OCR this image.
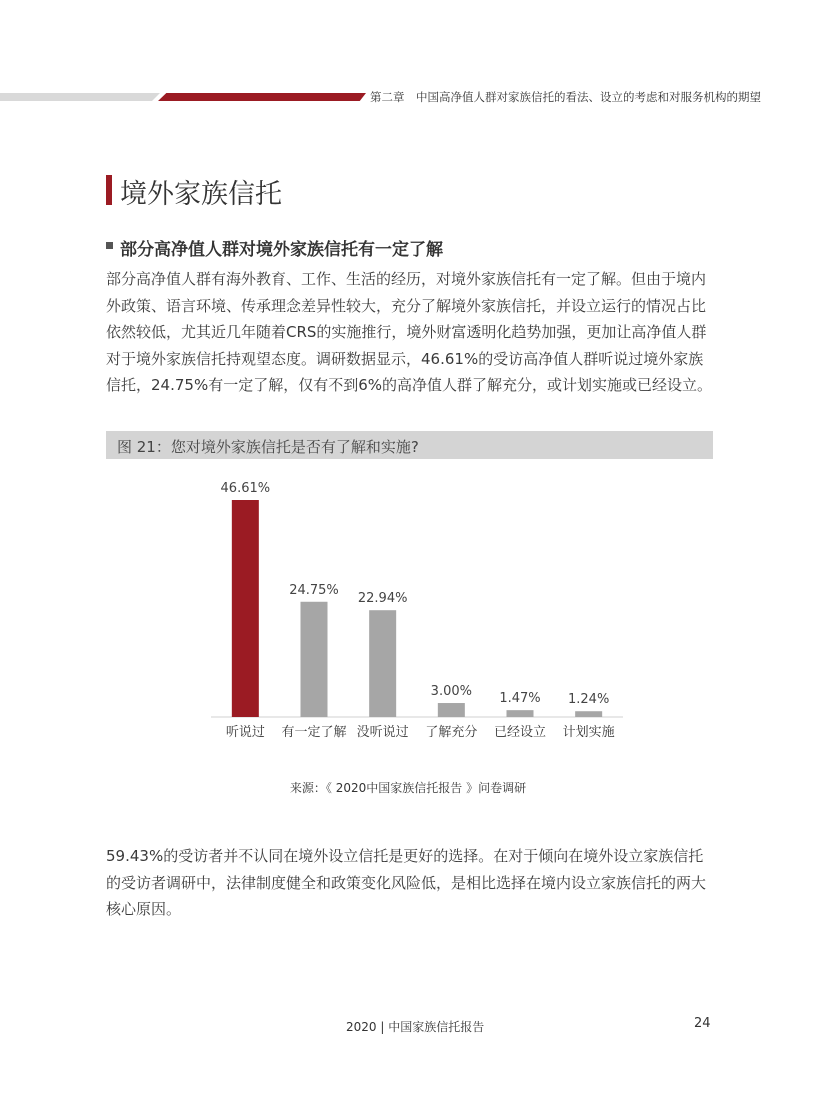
第二章　中国高净值人群对家族信托的看法、设立的考虑和对服务机构的期望
境外家族信托
部分高净值人群对境外家族信托有一定了解
部分高净值人群有海外教育、工作、生活的经历，对境外家族信托有一定了解。但由于境内外政策、语言环境、传承理念差异性较大，充分了解境外家族信托，并设立运行的情况占比依然较低，尤其近几年随着CRS的实施推行，境外财富透明化趋势加强，更加让高净值人群对于境外家族信托持观望态度。调研数据显示，46.61%的受访高净值人群听说过境外家族信托，24.75%有一定了解，仅有不到6%的高净值人群了解充分，或计划实施或已经设立。
图 21：您对境外家族信托是否有了解和实施?
46.61%
24.75%
22.94%
3.00% 1.47% 1.24%
听说过 有一定了解 没听说过 了解充分 已经设立 计划实施
来源：《 2020中国家族信托报告 》问卷调研
59.43%的受访者并不认同在境外设立信托是更好的选择。在对于倾向在境外设立家族信托的受访者调研中，法律制度健全和政策变化风险低，是相比选择在境内设立家族信托的两大核心原因。
2020 | 中国家族信托报告	24
